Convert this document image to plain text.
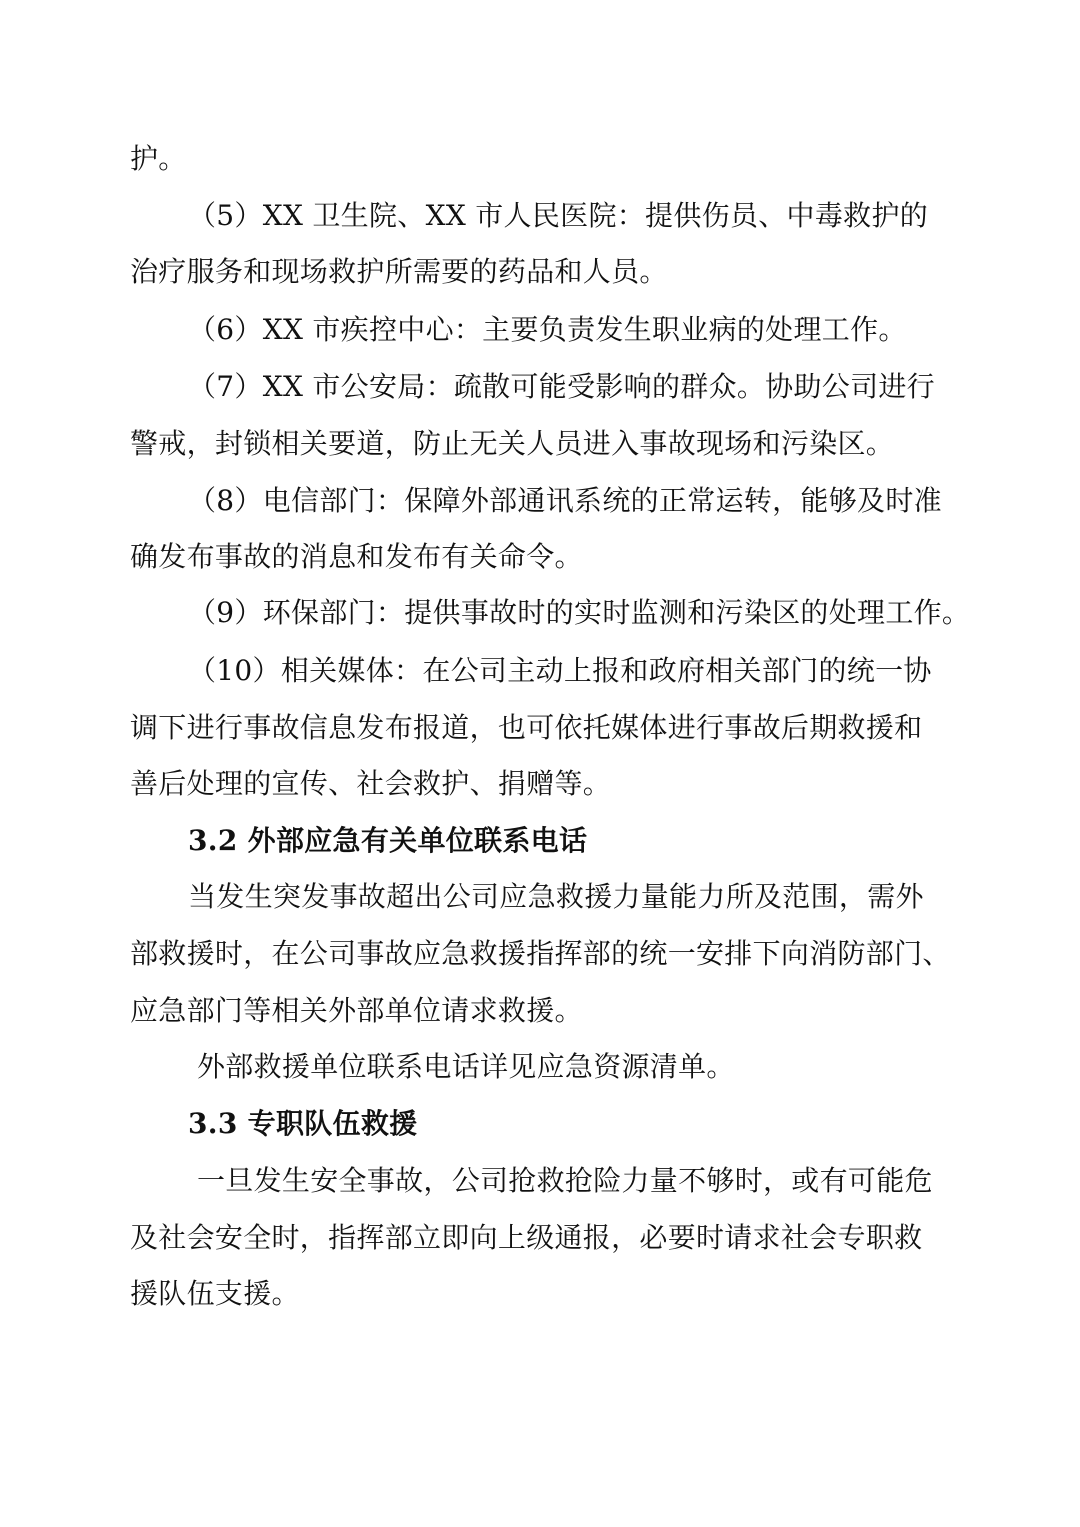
护。
（5）XX 卫生院、XX 市人民医院：提供伤员、中毒救护的
治疗服务和现场救护所需要的药品和人员。
（6）XX 市疾控中心：主要负责发生职业病的处理工作。
（7）XX 市公安局：疏散可能受影响的群众。协助公司进行
警戒，封锁相关要道，防止无关人员进入事故现场和污染区。
（8）电信部门：保障外部通讯系统的正常运转，能够及时准
确发布事故的消息和发布有关命令。
（9）环保部门：提供事故时的实时监测和污染区的处理工作。
（10）相关媒体：在公司主动上报和政府相关部门的统一协
调下进行事故信息发布报道，也可依托媒体进行事故后期救援和
善后处理的宣传、社会救护、捐赠等。
3.2 外部应急有关单位联系电话
当发生突发事故超出公司应急救援力量能力所及范围，需外
部救援时，在公司事故应急救援指挥部的统一安排下向消防部门、
应急部门等相关外部单位请求救援。
外部救援单位联系电话详见应急资源清单。
3.3 专职队伍救援
一旦发生安全事故，公司抢救抢险力量不够时，或有可能危
及社会安全时，指挥部立即向上级通报，必要时请求社会专职救
援队伍支援。
